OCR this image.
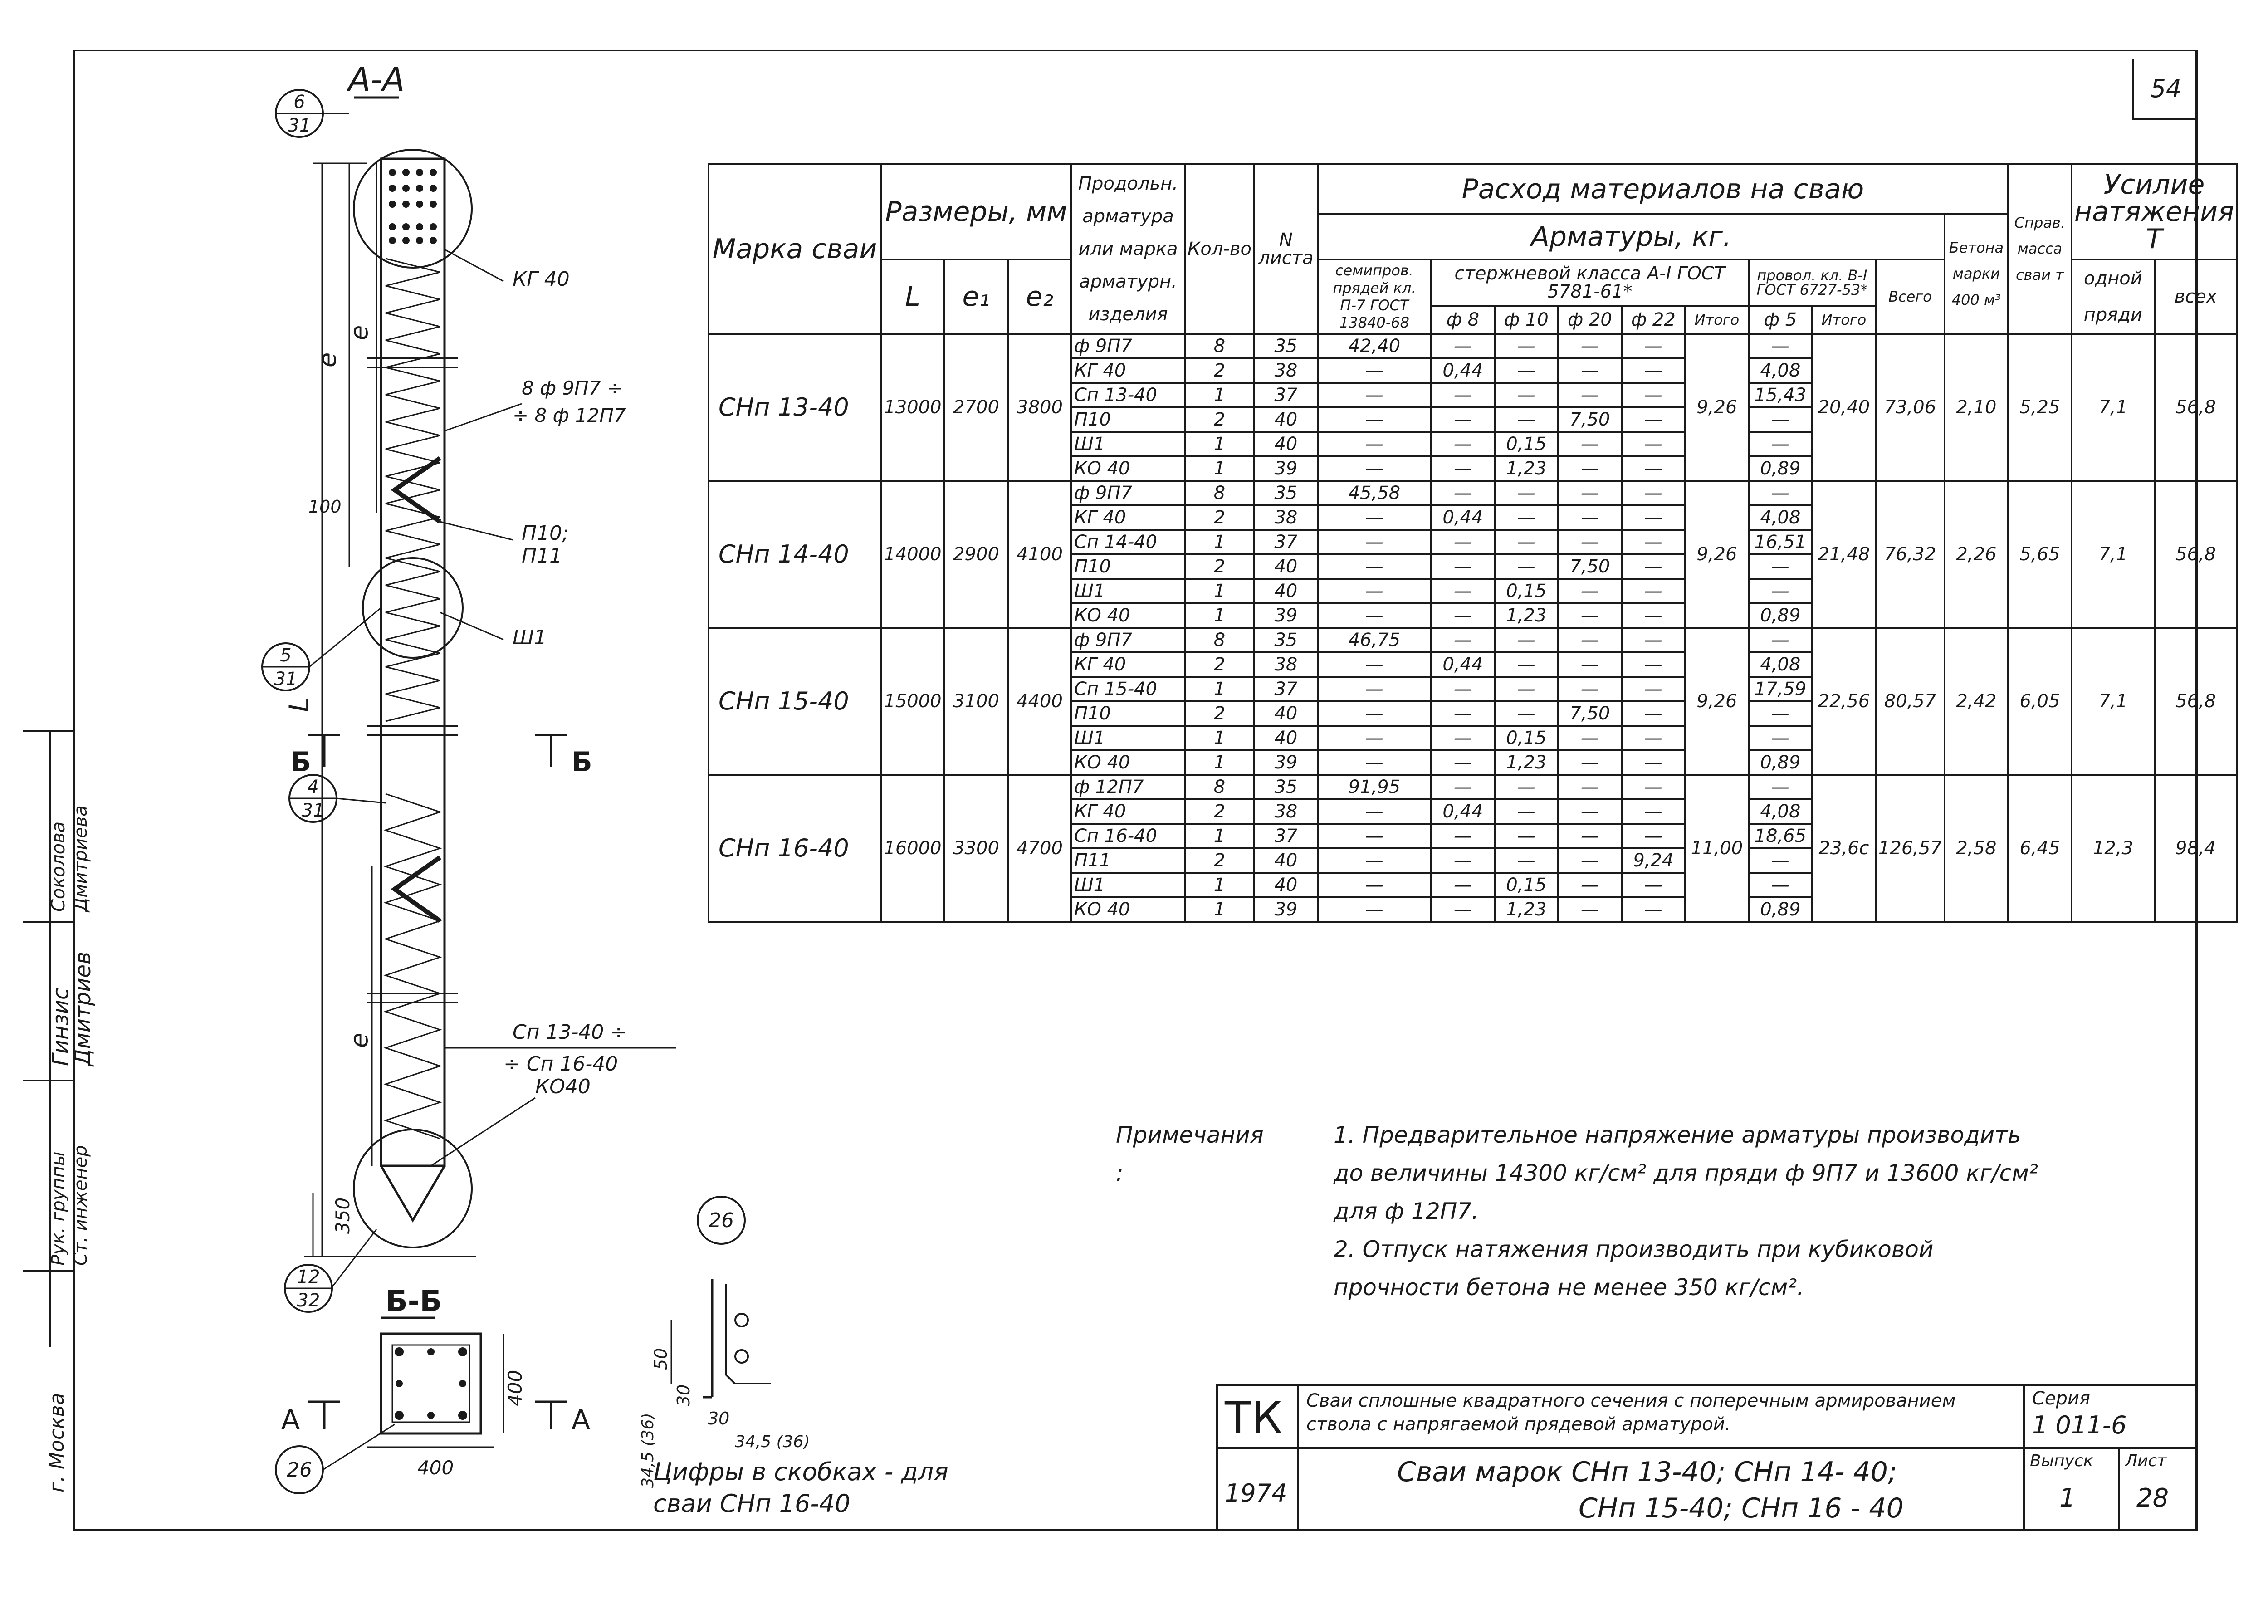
54
Рук. группы Ст. инженер
Гинзис
Дмитриев
Соколова Дмитриева
г. Москва
6
31
А-А
Б	Б
L
е
е
е
350
100
КГ 40
8 ф 9П7 ÷
÷ 8 ф 12П7
П10;
П11
Ш1
Сп 13-40 ÷
÷ Сп 16-40
КО40
5
31
4
31
12
32 Б-Б
400
400
А	А
26
26
50
30
30
34,5 (36)	34,5 (36)
Цифры в скобках - для
сваи СНп 16-40
Марка сваи	Размеры, мм			Продольн. арматура или марка арматурн. изделия	Кол-во	N листа	Расход материалов на сваю										Справ. масса сваи т	Усилие натяжения Т	
							Арматуры, кг.									Бетона марки 400 м³			
	L	e₁	e₂				семипров. прядей кл. П-7 ГОСТ 13840-68	стержневой класса А-I ГОСТ 5781-61*					провол. кл. В-I ГОСТ 6727-53*		Всего			одной пряди	всех
								ф 8	ф 10	ф 20	ф 22	Итого	ф 5	Итого					
СНп 13-40	13000	2700	3800	ф 9П7	8	35	42,40	—	—	—	—	9,26	—	20,40	73,06	2,10	5,25	7,1	56,8
				КГ 40	2	38	—	0,44	—	—	—		4,08						
				Сп 13-40	1	37	—	—	—	—	—		15,43						
				П10	2	40	—	—	—	7,50	—		—						
				Ш1	1	40	—	—	0,15	—	—		—						
				КО 40	1	39	—	—	1,23	—	—		0,89						
СНп 14-40	14000	2900	4100	ф 9П7	8	35	45,58	—	—	—	—	9,26	—	21,48	76,32	2,26	5,65	7,1	56,8
				КГ 40	2	38	—	0,44	—	—	—		4,08						
				Сп 14-40	1	37	—	—	—	—	—		16,51						
				П10	2	40	—	—	—	7,50	—		—						
				Ш1	1	40	—	—	0,15	—	—		—						
				КО 40	1	39	—	—	1,23	—	—		0,89						
СНп 15-40	15000	3100	4400	ф 9П7	8	35	46,75	—	—	—	—	9,26	—	22,56	80,57	2,42	6,05	7,1	56,8
				КГ 40	2	38	—	0,44	—	—	—		4,08						
				Сп 15-40	1	37	—	—	—	—	—		17,59						
				П10	2	40	—	—	—	7,50	—		—						
				Ш1	1	40	—	—	0,15	—	—		—						
				КО 40	1	39	—	—	1,23	—	—		0,89						
СНп 16-40	16000	3300	4700	ф 12П7	8	35	91,95	—	—	—	—	11,00	—	23,6с	126,57	2,58	6,45	12,3	98,4
				КГ 40	2	38	—	0,44	—	—	—		4,08						
				Сп 16-40	1	37	—	—	—	—	—		18,65						
				П11	2	40	—	—	—	—	9,24		—						
				Ш1	1	40	—	—	0,15	—	—		—						
				КО 40	1	39	—	—	1,23	—	—		0,89						
Примечания :
1. Предварительное напряжение арматуры производить
до величины 14300 кг/см² для пряди ф 9П7 и 13600 кг/см²
для ф 12П7.
2. Отпуск натяжения производить при кубиковой
прочности бетона не менее 350 кг/см².
ТК
1974
Сваи сплошные квадратного сечения с поперечным армированием ствола с напрягаемой прядевой арматурой.
Сваи марок СНп 13-40; СНп 14- 40;
СНп 15-40; СНп 16 - 40
Серия
1 011-6
Выпуск
1
Лист
28
